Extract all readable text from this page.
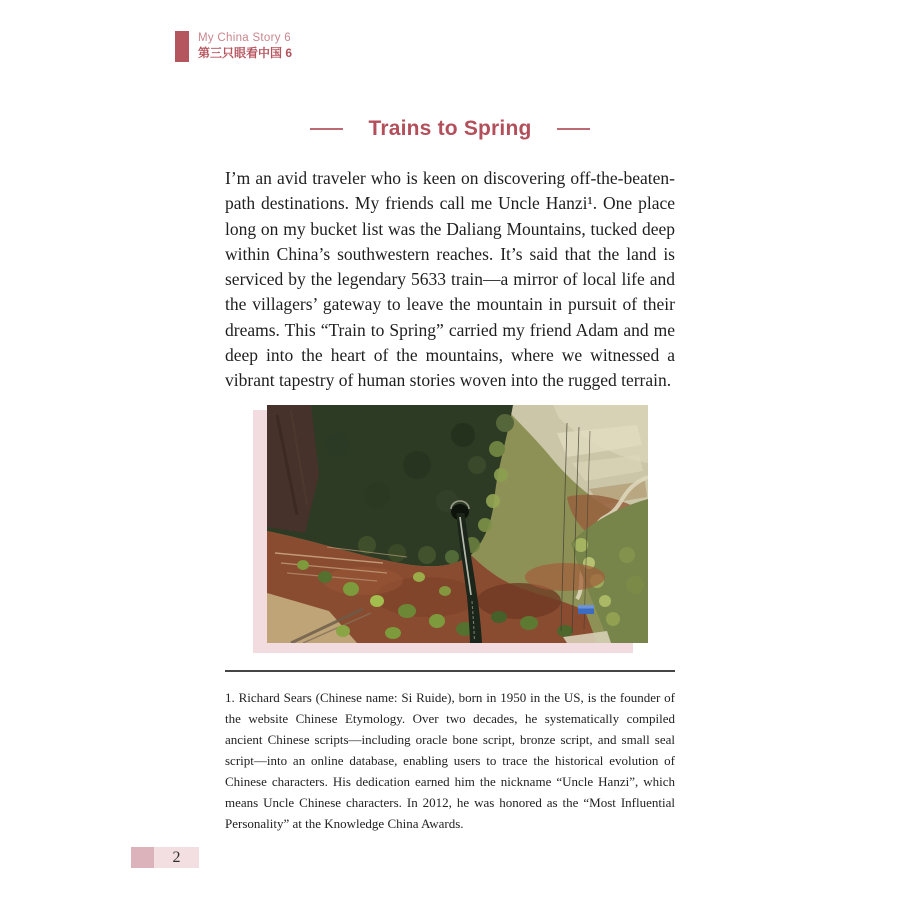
My China Story 6
第三只眼看中国 6
Trains to Spring

I’m an avid traveler who is keen on discovering off-the-beaten-path destinations. My friends call me Uncle Hanzi¹. One place long on my bucket list was the Daliang Mountains, tucked deep within China’s southwestern reaches. It’s said that the land is serviced by the legendary 5633 train—a mirror of local life and the villagers’ gateway to leave the mountain in pursuit of their dreams. This “Train to Spring” carried my friend Adam and me deep into the heart of the mountains, where we witnessed a vibrant tapestry of human stories woven into the rugged terrain.

1. Richard Sears (Chinese name: Si Ruide), born in 1950 in the US, is the founder of the website Chinese Etymology. Over two decades, he systematically compiled ancient Chinese scripts—including oracle bone script, bronze script, and small seal script—into an online database, enabling users to trace the historical evolution of Chinese characters. His dedication earned him the nickname “Uncle Hanzi”, which means Uncle Chinese characters. In 2012, he was honored as the “Most Influential Personality” at the Knowledge China Awards.

2
